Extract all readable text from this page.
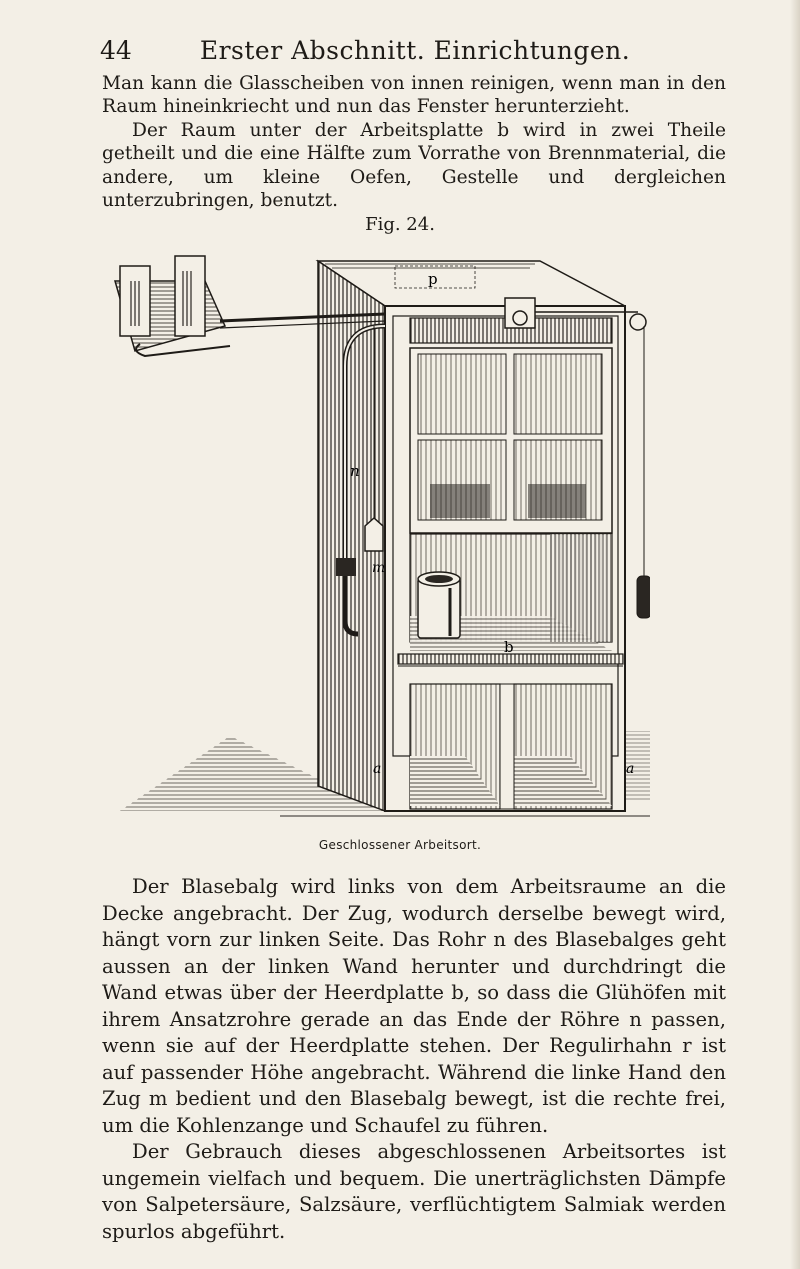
44	Erster Abschnitt. Einrichtungen.

Man kann die Glasscheiben von innen reinigen, wenn man in den Raum hineinkriecht und nun das Fenster herunterzieht.

Der Raum unter der Arbeitsplatte b wird in zwei Theile getheilt und die eine Hälfte zum Vorrathe von Brennmaterial, die andere, um kleine Oefen, Gestelle und dergleichen unterzubringen, benutzt.

Fig. 24.
b
n
m
p
a	a
Geschlossener Arbeitsort.

Der Blasebalg wird links von dem Arbeitsraume an die Decke angebracht. Der Zug, wodurch derselbe bewegt wird, hängt vorn zur linken Seite. Das Rohr n des Blasebalges geht aussen an der linken Wand herunter und durchdringt die Wand etwas über der Heerdplatte b, so dass die Glühöfen mit ihrem Ansatzrohre gerade an das Ende der Röhre n passen, wenn sie auf der Heerdplatte stehen. Der Regulirhahn r ist auf passender Höhe angebracht. Während die linke Hand den Zug m bedient und den Blasebalg bewegt, ist die rechte frei, um die Kohlenzange und Schaufel zu führen.

Der Gebrauch dieses abgeschlossenen Arbeitsortes ist ungemein vielfach und bequem. Die unerträglichsten Dämpfe von Salpetersäure, Salzsäure, verflüchtigtem Salmiak werden spurlos abgeführt.
